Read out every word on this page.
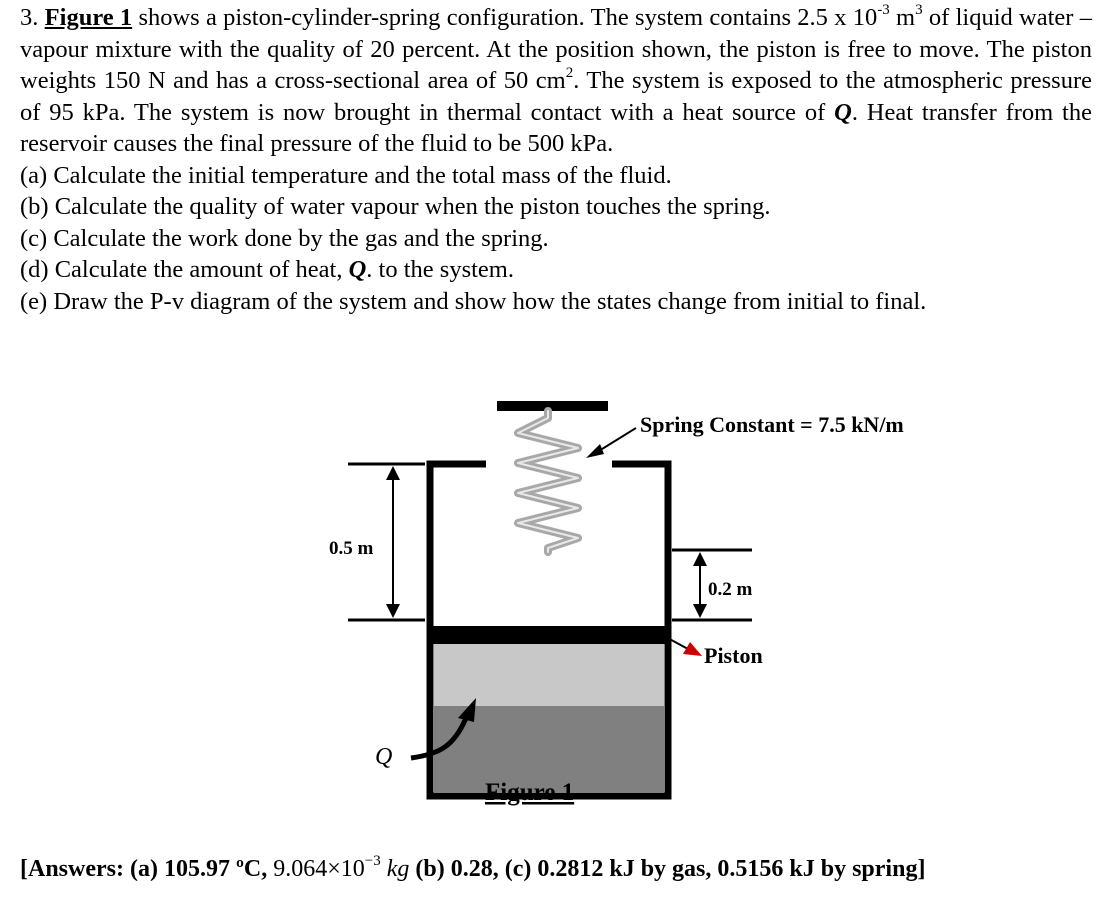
3. Figure 1 shows a piston-cylinder-spring configuration. The system contains 2.5 x $10^{-3}$ $m^3$ of liquid water – vapour mixture with the quality of 20 percent. At the position shown, the piston is free to move. The piston weights 150 N and has a cross-sectional area of 50 $cm^2$. The system is exposed to the atmospheric pressure of 95 kPa. The system is now brought in thermal contact with a heat source of Q. Heat transfer from the reservoir causes the final pressure of the fluid to be 500 kPa.

(a) Calculate the initial temperature and the total mass of the fluid.
(b) Calculate the quality of water vapour when the piston touches the spring.
(c) Calculate the work done by the gas and the spring.
(d) Calculate the amount of heat, Q. to the system.
(e) Draw the P-v diagram of the system and show how the states change from initial to final.
0.5 m
0.2 m
Spring Constant = 7.5 kN/m
Piston
Q
Figure 1
[Answers: (a) 105.97 ºC, $9.064\times 10^{-3}$ kg (b) 0.28, (c) 0.2812 kJ by gas, 0.5156 kJ by spring]
